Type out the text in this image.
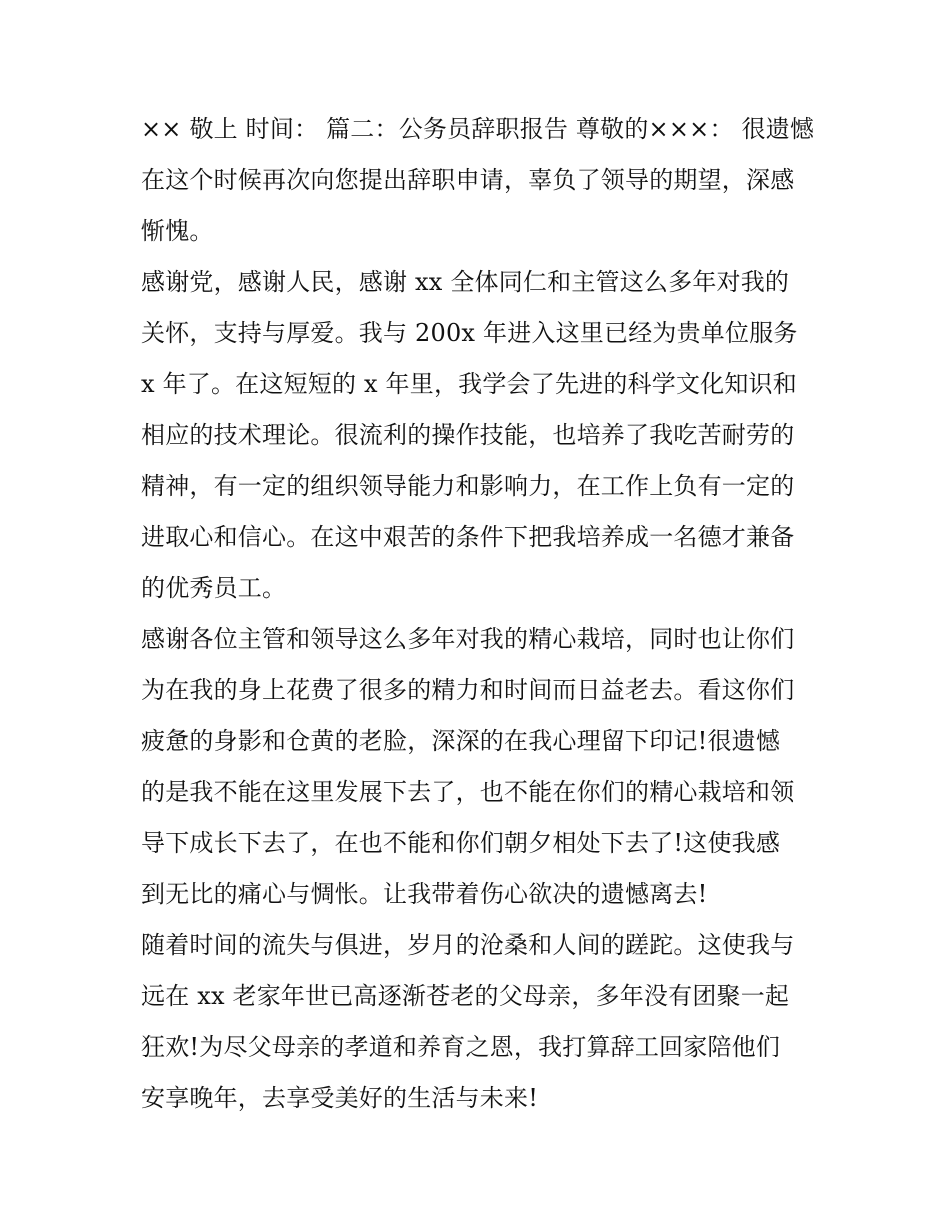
×× 敬上 时间： 篇二：公务员辞职报告 尊敬的×××： 很遗憾
在这个时候再次向您提出辞职申请，辜负了领导的期望，深感
惭愧。
感谢党，感谢人民，感谢 xx 全体同仁和主管这么多年对我的
关怀，支持与厚爱。我与 200x 年进入这里已经为贵单位服务
x 年了。在这短短的 x 年里，我学会了先进的科学文化知识和
相应的技术理论。很流利的操作技能，也培养了我吃苦耐劳的
精神，有一定的组织领导能力和影响力，在工作上负有一定的
进取心和信心。在这中艰苦的条件下把我培养成一名德才兼备
的优秀员工。
感谢各位主管和领导这么多年对我的精心栽培，同时也让你们
为在我的身上花费了很多的精力和时间而日益老去。看这你们
疲惫的身影和仓黄的老脸，深深的在我心理留下印记!很遗憾
的是我不能在这里发展下去了，也不能在你们的精心栽培和领
导下成长下去了，在也不能和你们朝夕相处下去了!这使我感
到无比的痛心与惆怅。让我带着伤心欲决的遗憾离去!
随着时间的流失与俱进，岁月的沧桑和人间的蹉跎。这使我与
远在 xx 老家年世已高逐渐苍老的父母亲，多年没有团聚一起
狂欢!为尽父母亲的孝道和养育之恩，我打算辞工回家陪他们
安享晚年，去享受美好的生活与未来!
